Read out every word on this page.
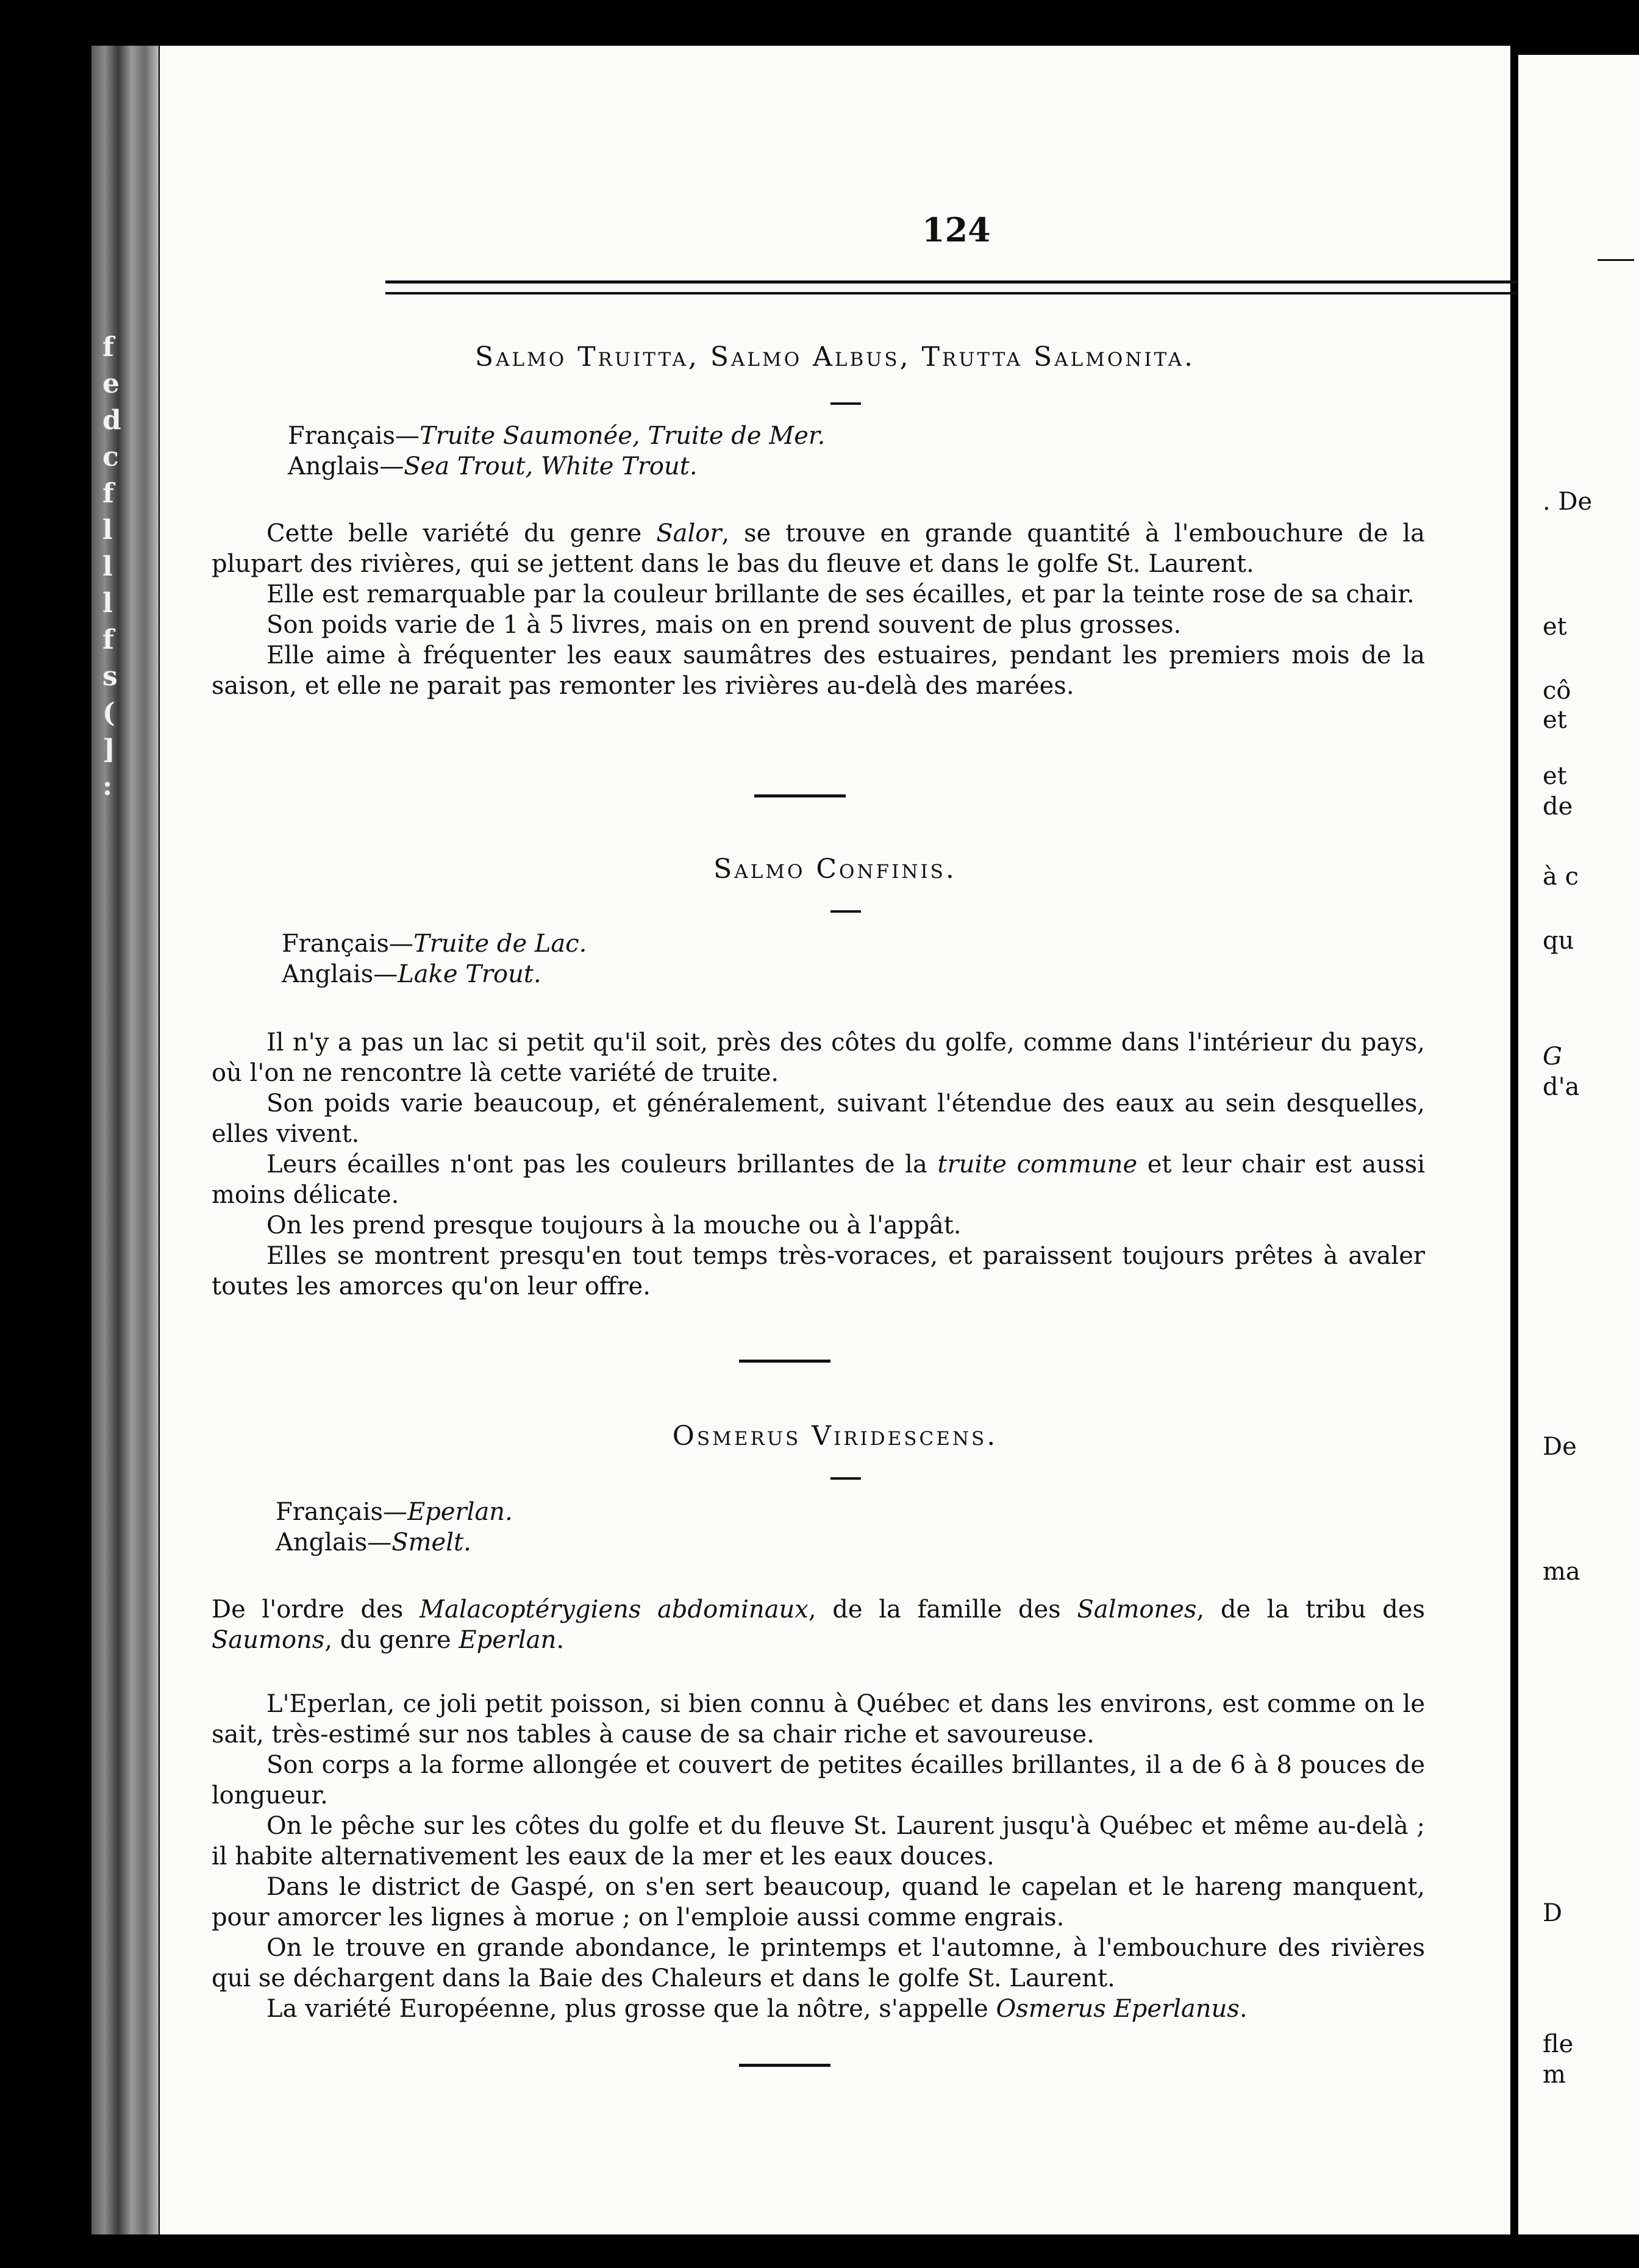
f
e
d
c
f
l
l
l
f
s
(
]
:
124
Salmo Truitta, Salmo Albus, Trutta Salmonita.
Français—Truite Saumonée, Truite de Mer.
Anglais—Sea Trout, White Trout.

Cette belle variété du genre Salor, se trouve en grande quantité à l'embouchure de la plupart des rivières, qui se jettent dans le bas du fleuve et dans le golfe St. Laurent.

Elle est remarquable par la couleur brillante de ses écailles, et par la teinte rose de sa chair.

Son poids varie de 1 à 5 livres, mais on en prend souvent de plus grosses.

Elle aime à fréquenter les eaux saumâtres des estuaires, pendant les premiers mois de la saison, et elle ne parait pas remonter les rivières au-delà des marées.

Salmo Confinis.
Français—Truite de Lac.
Anglais—Lake Trout.

Il n'y a pas un lac si petit qu'il soit, près des côtes du golfe, comme dans l'intérieur du pays, où l'on ne rencontre là cette variété de truite.

Son poids varie beaucoup, et généralement, suivant l'étendue des eaux au sein desquelles, elles vivent.

Leurs écailles n'ont pas les couleurs brillantes de la truite commune et leur chair est aussi moins délicate.

On les prend presque toujours à la mouche ou à l'appât.

Elles se montrent presqu'en tout temps très-voraces, et paraissent toujours prêtes à avaler toutes les amorces qu'on leur offre.

Osmerus Viridescens.
Français—Eperlan.
Anglais—Smelt.

De l'ordre des Malacoptérygiens abdominaux, de la famille des Salmones, de la tribu des Saumons, du genre Eperlan.

L'Eperlan, ce joli petit poisson, si bien connu à Québec et dans les environs, est comme on le sait, très-estimé sur nos tables à cause de sa chair riche et savoureuse.

Son corps a la forme allongée et couvert de petites écailles brillantes, il a de 6 à 8 pouces de longueur.

On le pêche sur les côtes du golfe et du fleuve St. Laurent jusqu'à Québec et même au-delà ; il habite alternativement les eaux de la mer et les eaux douces.

Dans le district de Gaspé, on s'en sert beaucoup, quand le capelan et le hareng manquent, pour amorcer les lignes à morue ; on l'emploie aussi comme engrais.

On le trouve en grande abondance, le printemps et l'automne, à l'embouchure des rivières qui se déchargent dans la Baie des Chaleurs et dans le golfe St. Laurent.

La variété Européenne, plus grosse que la nôtre, s'appelle Osmerus Eperlanus.

. De
et
cô
et
et
de
à c
qu
G
d'a
De
ma
D
fle
m
